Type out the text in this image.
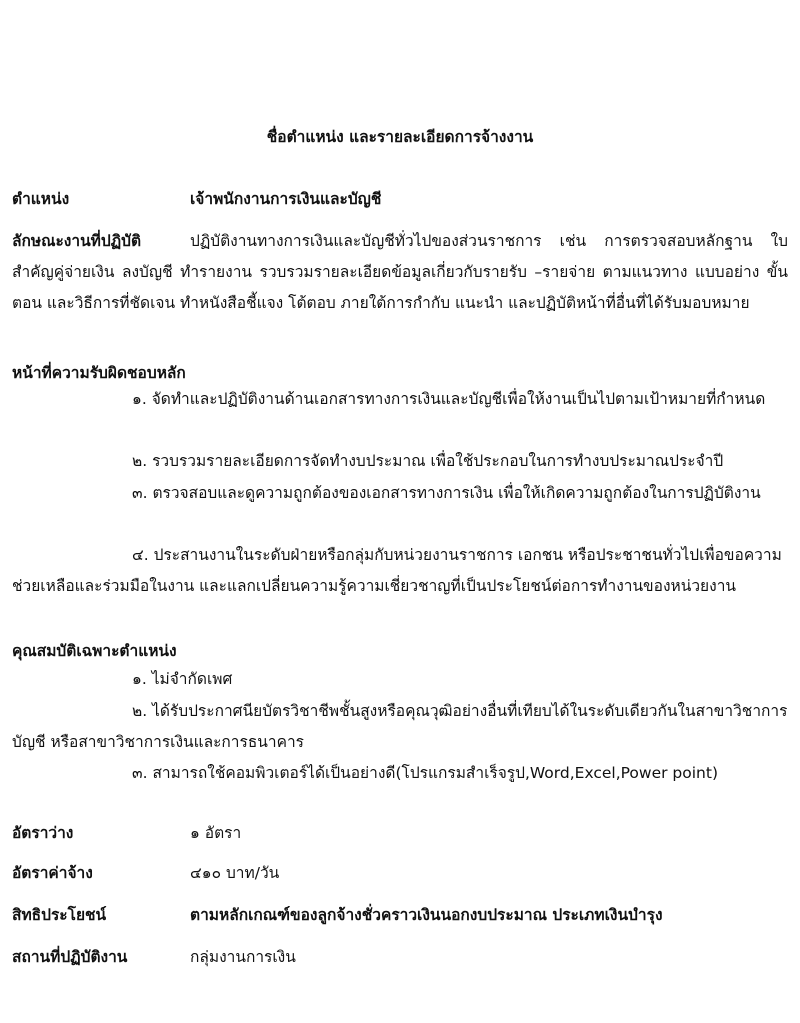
ชื่อตำแหน่ง และรายละเอียดการจ้างงาน
ตำแหน่ง	เจ้าพนักงานการเงินและบัญชี
ลักษณะงานที่ปฏิบัติ	ปฏิบัติงานทางการเงินและบัญชีทั่วไปของส่วนราชการ เช่น การตรวจสอบหลักฐาน ใบสำคัญคู่จ่ายเงิน ลงบัญชี ทำรายงาน รวบรวมรายละเอียดข้อมูลเกี่ยวกับรายรับ –รายจ่าย ตามแนวทาง แบบอย่าง ขั้นตอน และวิธีการที่ชัดเจน ทำหนังสือชี้แจง โต้ตอบ ภายใต้การกำกับ แนะนำ และปฏิบัติหน้าที่อื่นที่ได้รับมอบหมาย
หน้าที่ความรับผิดชอบหลัก
๑. จัดทำและปฏิบัติงานด้านเอกสารทางการเงินและบัญชีเพื่อให้งานเป็นไปตามเป้าหมายที่กำหนด
๒. รวบรวมรายละเอียดการจัดทำงบประมาณ เพื่อใช้ประกอบในการทำงบประมาณประจำปี
๓. ตรวจสอบและดูความถูกต้องของเอกสารทางการเงิน เพื่อให้เกิดความถูกต้องในการปฏิบัติงาน
๔. ประสานงานในระดับฝ่ายหรือกลุ่มกับหน่วยงานราชการ เอกชน หรือประชาชนทั่วไปเพื่อขอความช่วยเหลือและร่วมมือในงาน และแลกเปลี่ยนความรู้ความเชี่ยวชาญที่เป็นประโยชน์ต่อการทำงานของหน่วยงาน
คุณสมบัติเฉพาะตำแหน่ง
๑. ไม่จำกัดเพศ
๒. ได้รับประกาศนียบัตรวิชาชีพชั้นสูงหรือคุณวุฒิอย่างอื่นที่เทียบได้ในระดับเดียวกันในสาขาวิชาการบัญชี หรือสาขาวิชาการเงินและการธนาคาร
๓. สามารถใช้คอมพิวเตอร์ได้เป็นอย่างดี(โปรแกรมสำเร็จรูป,Word,Excel,Power point)
อัตราว่าง	๑ อัตรา
อัตราค่าจ้าง	๔๑๐ บาท/วัน
สิทธิประโยชน์	ตามหลักเกณฑ์ของลูกจ้างชั่วคราวเงินนอกงบประมาณ ประเภทเงินบำรุง
สถานที่ปฏิบัติงาน	กลุ่มงานการเงิน
